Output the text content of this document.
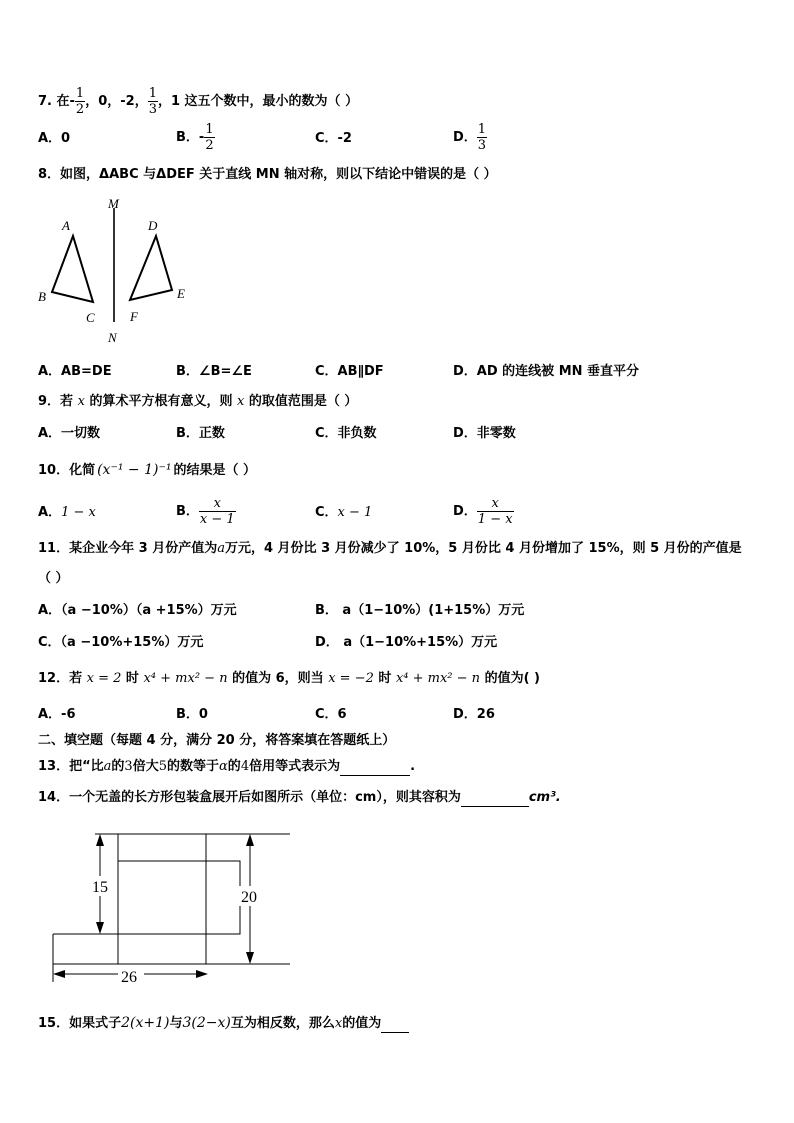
7. 在- $\frac{1}{2}$ ，0，-2， $\frac{1}{3}$ ，1 这五个数中，最小的数为（ ）
A．0	B．- $\frac{1}{2}$	C．-2	D． $\frac{1}{3}$
8．如图，ΔABC 与ΔDEF 关于直线 MN 轴对称，则以下结论中错误的是（ ）
M
N
A
B
C
D
E
F
A．AB=DE	B．∠B=∠E	C．AB∥DF	D．AD 的连线被 MN 垂直平分
9．若 x 的算术平方根有意义，则 x 的取值范围是（ ）
A．一切数	B．正数	C．非负数	D．非零数
10．化简 (x⁻¹ − 1)⁻¹ 的结果是（ ）
A．1 − x	B． $\frac{x}{x - 1}$	C．x − 1	D． $\frac{x}{1 - x}$
11．某企业今年 3 月份产值为a万元，4 月份比 3 月份减少了 10%，5 月份比 4 月份增加了 15%，则 5 月份的产值是
（ ）
A．（a −10%）（a +15%）万元	B． a（1−10%）(1+15%）万元
C．（a −10%+15%）万元	D． a（1−10%+15%）万元
12．若 x = 2 时 x⁴ + mx² − n 的值为 6，则当 x = −2 时 x⁴ + mx² − n 的值为( )
A．-6	B．0	C．6	D．26
二、填空题（每题 4 分，满分 20 分，将答案填在答题纸上）
13．把“比a的3倍大5的数等于α的4倍用等式表示为	.
14．一个无盖的长方形包装盒展开后如图所示（单位：cm），则其容积为	cm³.
15
20
26
15．如果式子2(x+1)与3(2−x)互为相反数，那么x的值为
